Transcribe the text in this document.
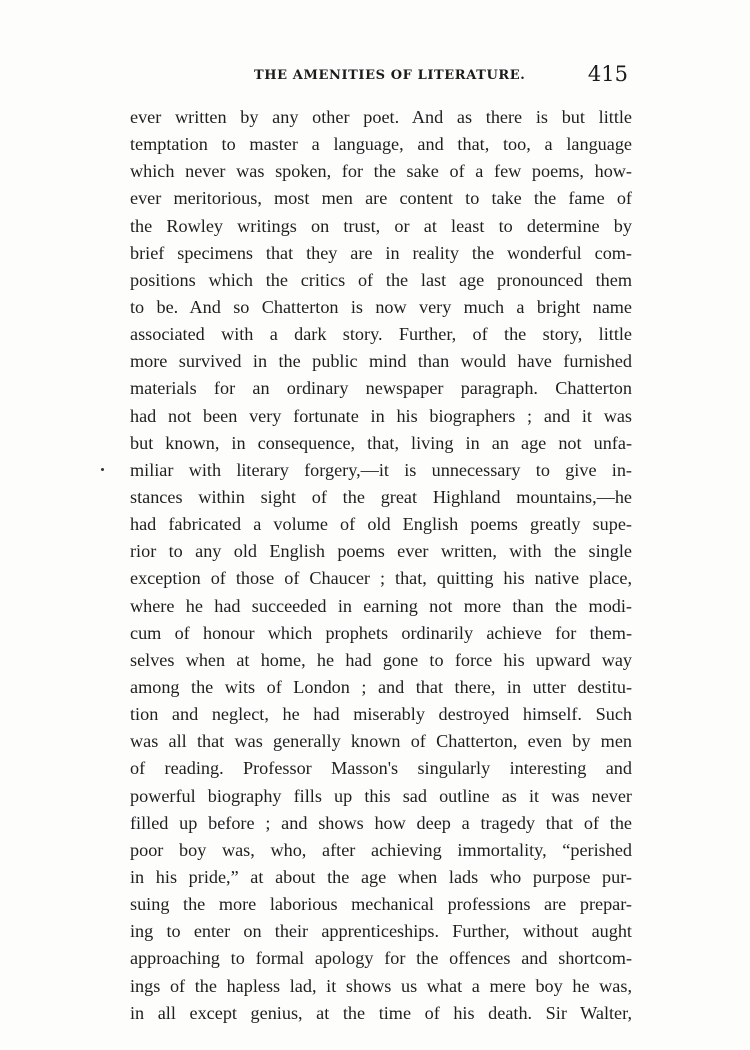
THE AMENITIES OF LITERATURE.	415
ever written by any other poet. And as there is but little
temptation to master a language, and that, too, a language
which never was spoken, for the sake of a few poems, how-
ever meritorious, most men are content to take the fame of
the Rowley writings on trust, or at least to determine by
brief specimens that they are in reality the wonderful com-
positions which the critics of the last age pronounced them
to be. And so Chatterton is now very much a bright name
associated with a dark story. Further, of the story, little
more survived in the public mind than would have furnished
materials for an ordinary newspaper paragraph. Chatterton
had not been very fortunate in his biographers ; and it was
but known, in consequence, that, living in an age not unfa-
miliar with literary forgery,—it is unnecessary to give in-
stances within sight of the great Highland mountains,—he
had fabricated a volume of old English poems greatly supe-
rior to any old English poems ever written, with the single
exception of those of Chaucer ; that, quitting his native place,
where he had succeeded in earning not more than the modi-
cum of honour which prophets ordinarily achieve for them-
selves when at home, he had gone to force his upward way
among the wits of London ; and that there, in utter destitu-
tion and neglect, he had miserably destroyed himself. Such
was all that was generally known of Chatterton, even by men
of reading. Professor Masson's singularly interesting and
powerful biography fills up this sad outline as it was never
filled up before ; and shows how deep a tragedy that of the
poor boy was, who, after achieving immortality, “perished
in his pride,” at about the age when lads who purpose pur-
suing the more laborious mechanical professions are prepar-
ing to enter on their apprenticeships. Further, without aught
approaching to formal apology for the offences and shortcom-
ings of the hapless lad, it shows us what a mere boy he was,
in all except genius, at the time of his death. Sir Walter,
